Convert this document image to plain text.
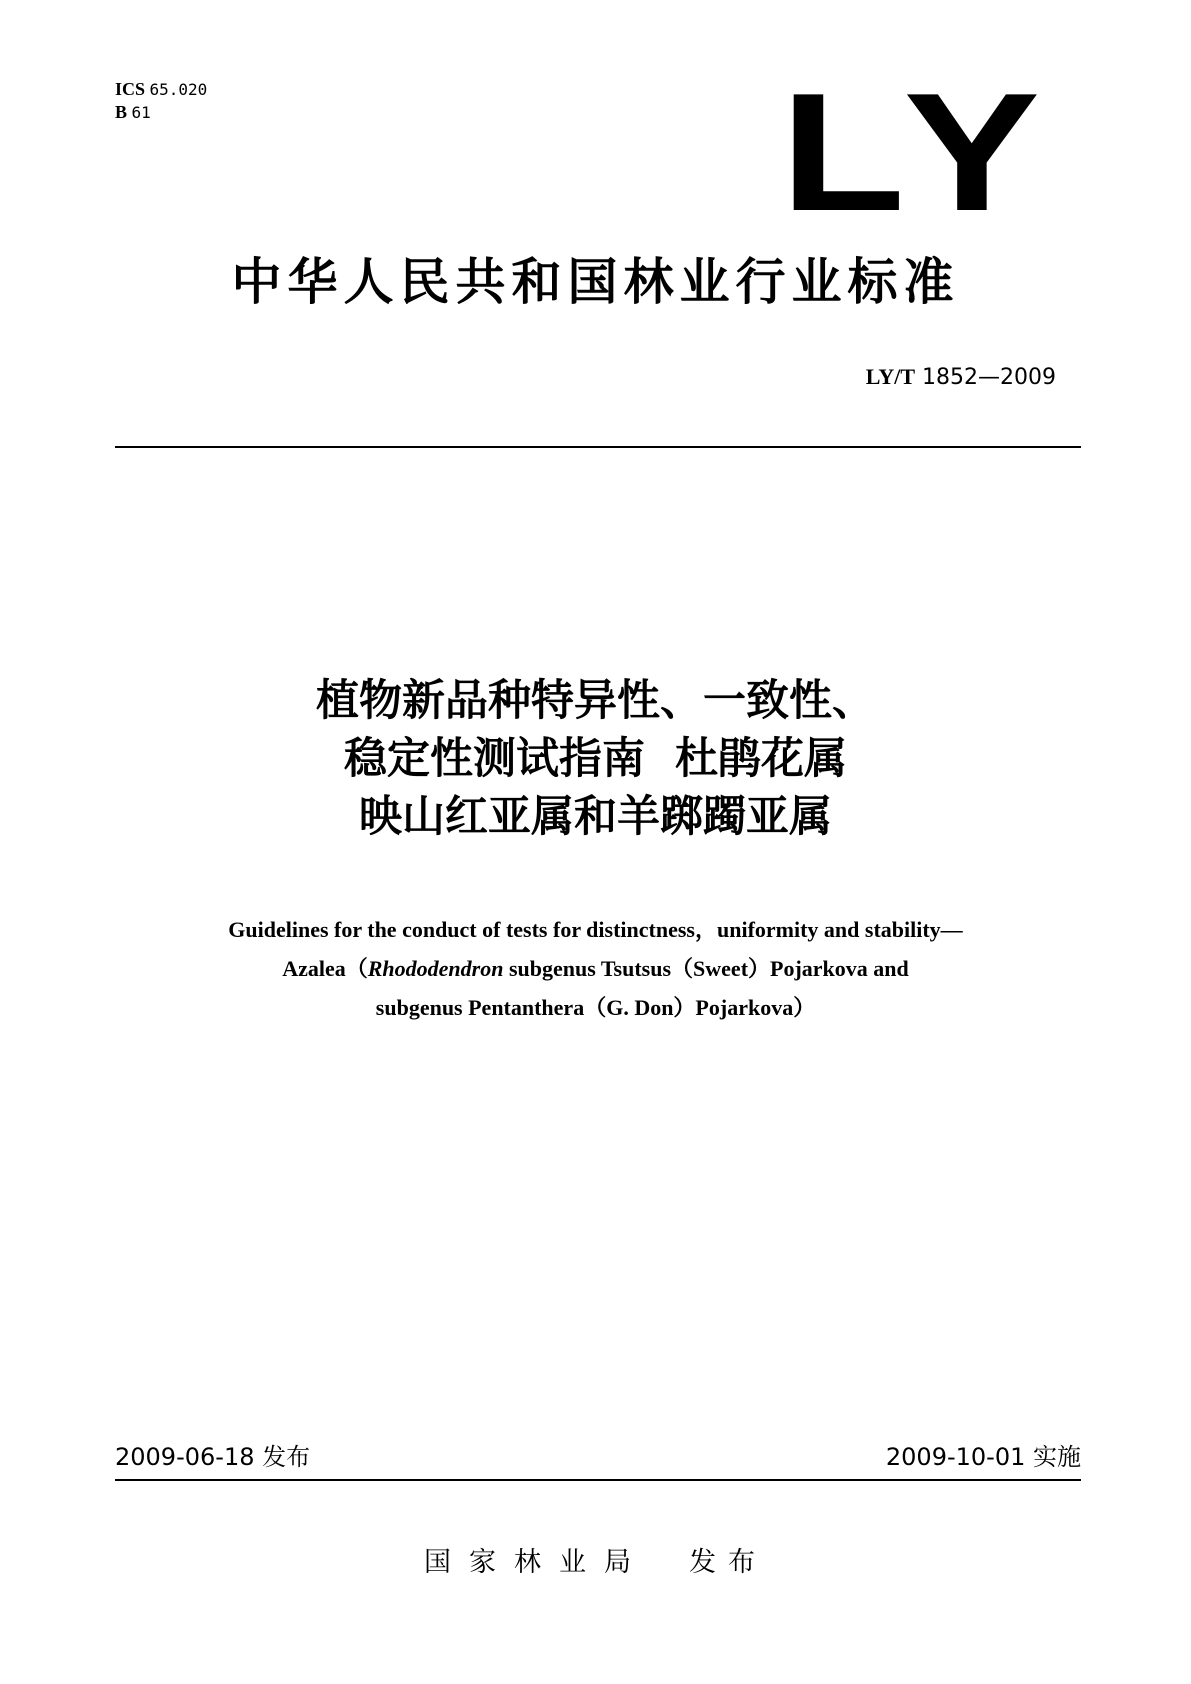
ICS 65.020
B 61	LY
中华人民共和国林业行业标准
LY/T 1852—2009
植物新品种特异性、一致性、
稳定性测试指南  杜鹃花属
映山红亚属和羊踯躅亚属
Guidelines for the conduct of tests for distinctness，uniformity and stability—
Azalea（Rhododendron subgenus Tsutsus（Sweet）Pojarkova and
subgenus Pentanthera（G. Don）Pojarkova）
2009-06-18 发布	2009-10-01 实施
国家林业局 发布
